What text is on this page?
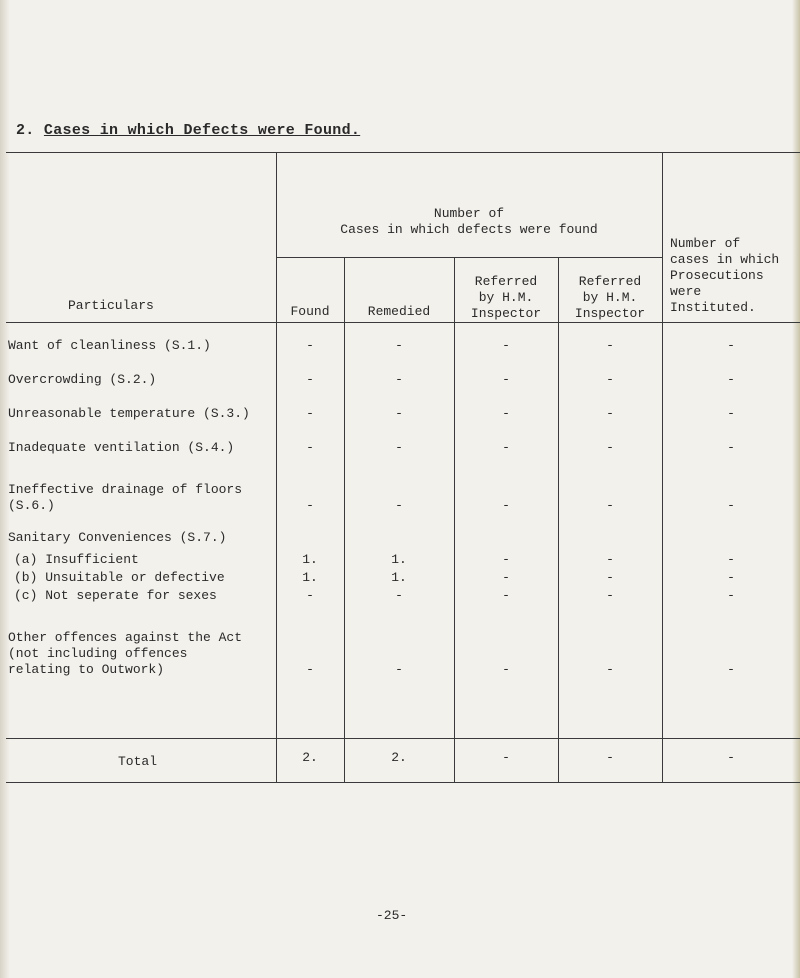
2. Cases in which Defects were Found.
Particulars
Number of
Cases in which defects were found
Found	Remedied
Referred
by H.M.
Inspector
Referred
by H.M.
Inspector
Number of
cases in which
Prosecutions
were
Instituted.
Want of cleanliness (S.1.)	-	-	-	-	-
Overcrowding (S.2.)	-	-	-	-	-
Unreasonable temperature (S.3.)	-	-	-	-	-
Inadequate ventilation (S.4.)	-	-	-	-	-
Ineffective drainage of floors
(S.6.)	-	-	-	-	-
Sanitary Conveniences (S.7.)
(a) Insufficient	1.	1.	-	-	-
(b) Unsuitable or defective	1.	1.	-	-	-
(c) Not seperate for sexes	-	-	-	-	-
Other offences against the Act
(not including offences
relating to Outwork)	-	-	-	-	-
Total	2.	2.	-	-	-
-25-
